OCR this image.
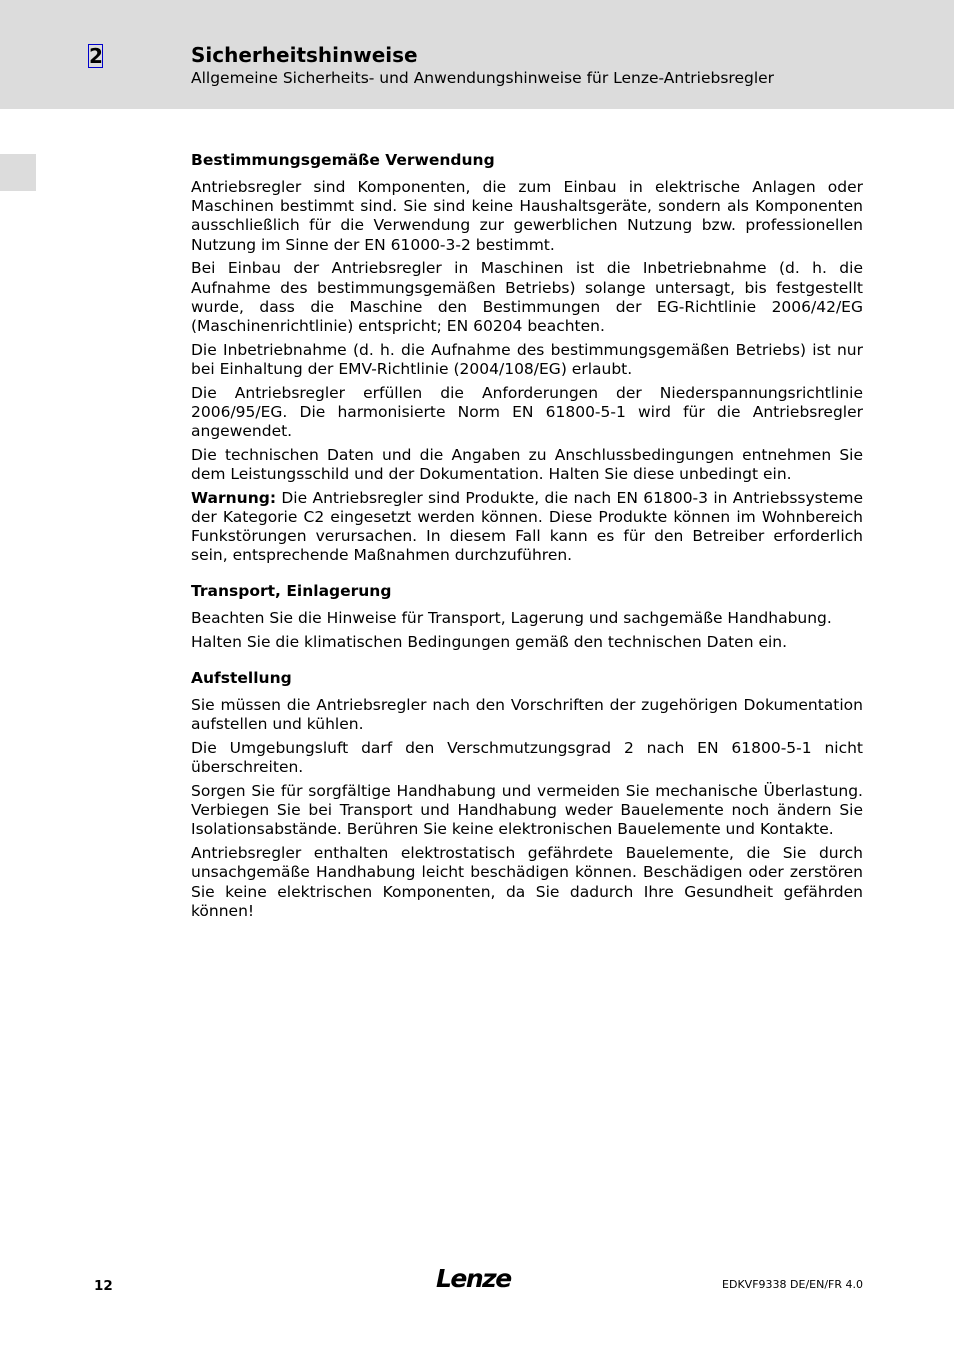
2	Sicherheitshinweise
Allgemeine Sicherheits- und Anwendungshinweise für Lenze-Antriebsregler
Bestimmungsgemäße Verwendung

Antriebsregler sind Komponenten, die zum Einbau in elektrische Anlagen oder Maschinen bestimmt sind. Sie sind keine Haushaltsgeräte, sondern als Komponenten ausschließlich für die Verwendung zur gewerblichen Nutzung bzw. professionellen Nutzung im Sinne der EN 61000-3-2 bestimmt.

Bei Einbau der Antriebsregler in Maschinen ist die Inbetriebnahme (d. h. die Aufnahme des bestimmungsgemäßen Betriebs) solange untersagt, bis festgestellt wurde, dass die Maschine den Bestimmungen der EG-Richtlinie 2006/42/EG (Maschinenrichtlinie) entspricht; EN 60204 beachten.

Die Inbetriebnahme (d. h. die Aufnahme des bestimmungsgemäßen Betriebs) ist nur bei Einhaltung der EMV-Richtlinie (2004/108/EG) erlaubt.

Die Antriebsregler erfüllen die Anforderungen der Niederspannungsrichtlinie 2006/95/EG. Die harmonisierte Norm EN 61800-5-1 wird für die Antriebsregler angewendet.

Die technischen Daten und die Angaben zu Anschlussbedingungen entnehmen Sie dem Leistungsschild und der Dokumentation. Halten Sie diese unbedingt ein.

Warnung: Die Antriebsregler sind Produkte, die nach EN 61800-3 in Antriebssysteme der Kategorie C2 eingesetzt werden können. Diese Produkte können im Wohnbereich Funkstörungen verursachen. In diesem Fall kann es für den Betreiber erforderlich sein, entsprechende Maßnahmen durchzuführen.

Transport, Einlagerung

Beachten Sie die Hinweise für Transport, Lagerung und sachgemäße Handhabung.

Halten Sie die klimatischen Bedingungen gemäß den technischen Daten ein.

Aufstellung

Sie müssen die Antriebsregler nach den Vorschriften der zugehörigen Dokumentation aufstellen und kühlen.

Die Umgebungsluft darf den Verschmutzungsgrad 2 nach EN 61800-5-1 nicht überschreiten.

Sorgen Sie für sorgfältige Handhabung und vermeiden Sie mechanische Überlastung. Verbiegen Sie bei Transport und Handhabung weder Bauelemente noch ändern Sie Isolationsabstände. Berühren Sie keine elektronischen Bauelemente und Kontakte.

Antriebsregler enthalten elektrostatisch gefährdete Bauelemente, die Sie durch unsachgemäße Handhabung leicht beschädigen können. Beschädigen oder zerstören Sie keine elektrischen Komponenten, da Sie dadurch Ihre Gesundheit gefährden können!

12	Lenze	EDKVF9338 DE/EN/FR 4.0
